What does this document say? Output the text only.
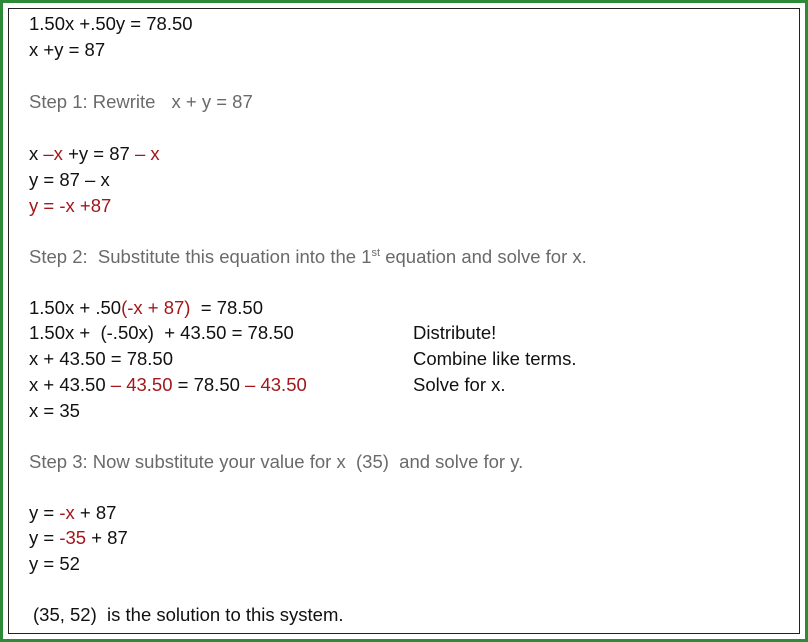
1.50x +.50y = 78.50
x +y = 87
Step 1: Rewrite x + y = 87
x –x +y = 87 – x
y = 87 – x
y = -x +87
Step 2:  Substitute this equation into the 1st equation and solve for x.
1.50x + .50(-x + 87)  = 78.50
1.50x +  (-.50x)  + 43.50 = 78.50
x + 43.50 = 78.50
x + 43.50 – 43.50 = 78.50 – 43.50
x = 35
Distribute!
Combine like terms.
Solve for x.
Step 3: Now substitute your value for x  (35)  and solve for y.
y = -x + 87
y = -35 + 87
y = 52
(35, 52)  is the solution to this system.
